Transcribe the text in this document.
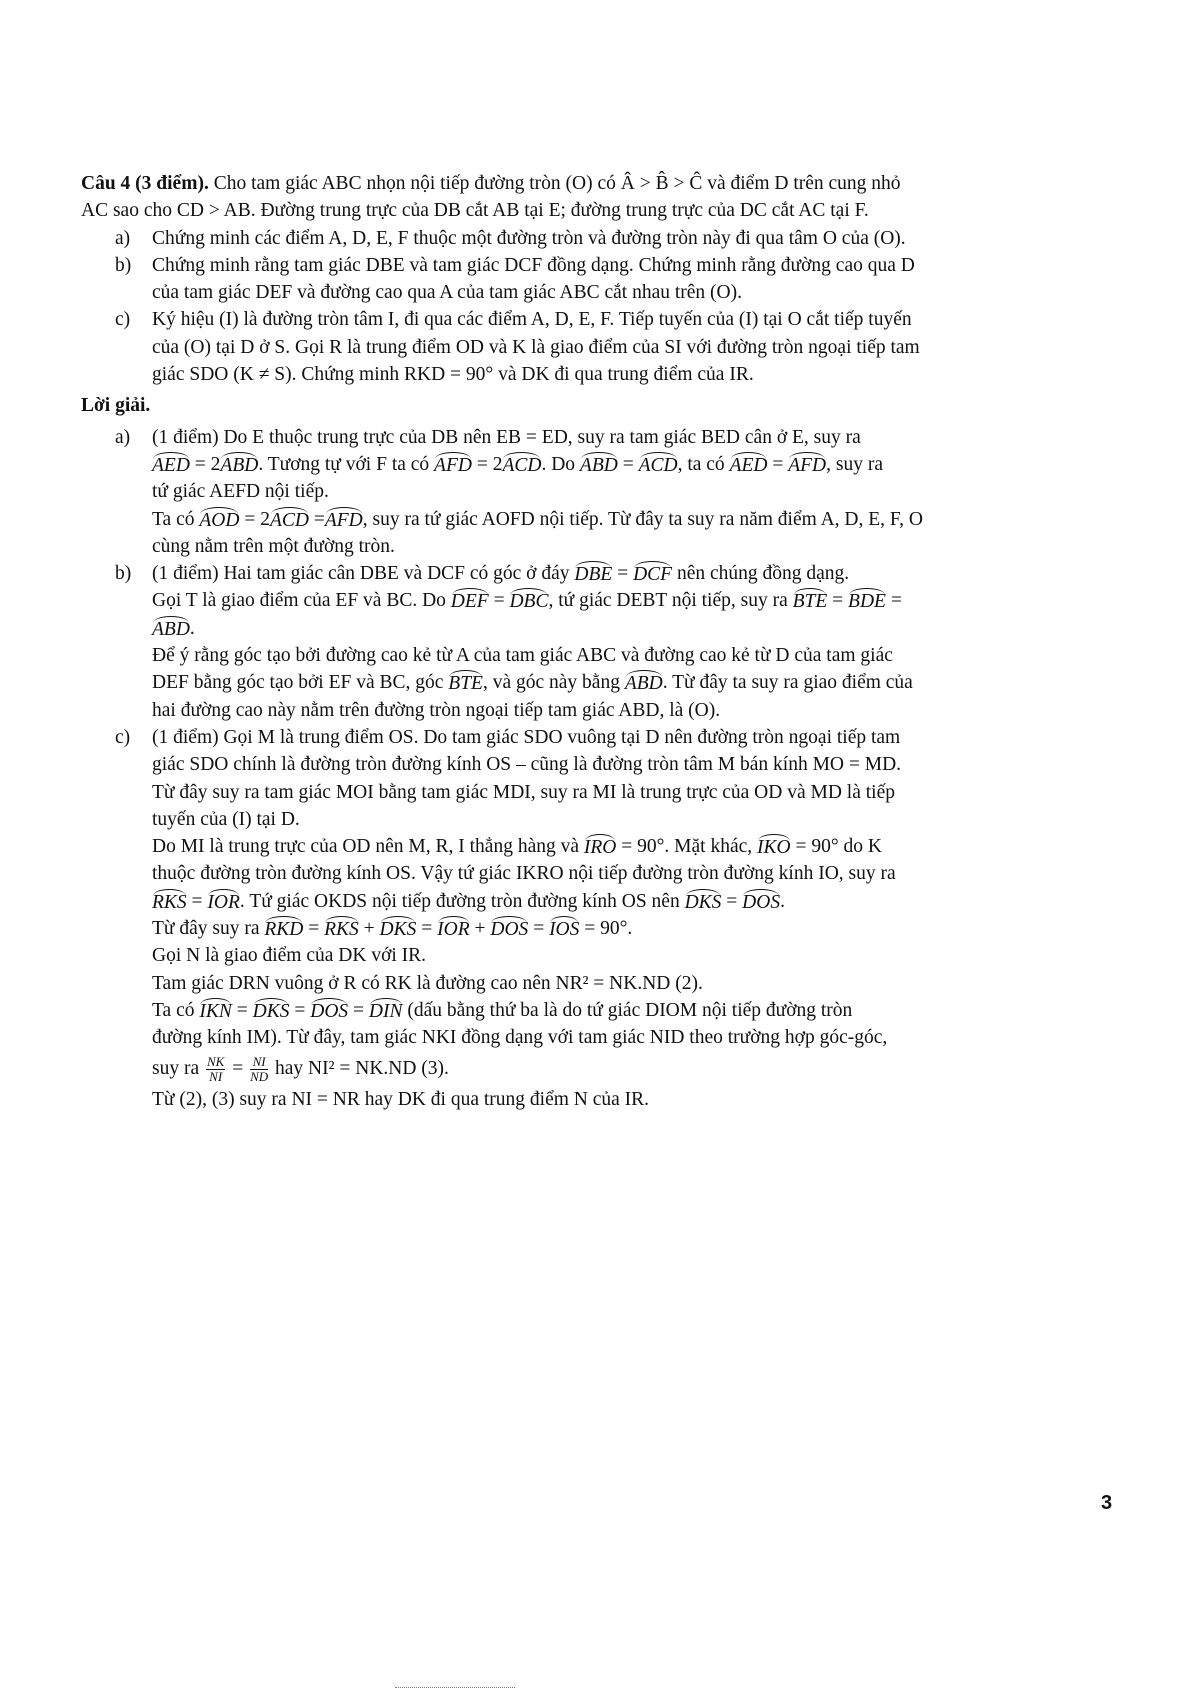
Câu 4 (3 điểm). Cho tam giác ABC nhọn nội tiếp đường tròn (O) có Â > B̂ > Ĉ và điểm D trên cung nhỏ

AC sao cho CD > AB. Đường trung trực của DB cắt AB tại E; đường trung trực của DC cắt AC tại F.

a)	Chứng minh các điểm A, D, E, F thuộc một đường tròn và đường tròn này đi qua tâm O của (O).

b)	Chứng minh rằng tam giác DBE và tam giác DCF đồng dạng. Chứng minh rằng đường cao qua D

của tam giác DEF và đường cao qua A của tam giác ABC cắt nhau trên (O).

c)	Ký hiệu (I) là đường tròn tâm I, đi qua các điểm A, D, E, F. Tiếp tuyến của (I) tại O cắt tiếp tuyến

của (O) tại D ở S. Gọi R là trung điểm OD và K là giao điểm của SI với đường tròn ngoại tiếp tam

giác SDO (K ≠ S). Chứng minh RKD = 90° và DK đi qua trung điểm của IR.

Lời giải.

a)	(1 điểm) Do E thuộc trung trực của DB nên EB = ED, suy ra tam giác BED cân ở E, suy ra

AED = 2ABD. Tương tự với F ta có AFD = 2ACD. Do ABD = ACD, ta có AED = AFD, suy ra

tứ giác AEFD nội tiếp.

Ta có AOD = 2ACD =AFD, suy ra tứ giác AOFD nội tiếp. Từ đây ta suy ra năm điểm A, D, E, F, O

cùng nằm trên một đường tròn.

b)	(1 điểm) Hai tam giác cân DBE và DCF có góc ở đáy DBE = DCF nên chúng đồng dạng.

Gọi T là giao điểm của EF và BC. Do DEF = DBC, tứ giác DEBT nội tiếp, suy ra BTE = BDE =

ABD.

Để ý rằng góc tạo bởi đường cao kẻ từ A của tam giác ABC và đường cao kẻ từ D của tam giác

DEF bằng góc tạo bởi EF và BC, góc BTE, và góc này bằng ABD. Từ đây ta suy ra giao điểm của

hai đường cao này nằm trên đường tròn ngoại tiếp tam giác ABD, là (O).

c)	(1 điểm) Gọi M là trung điểm OS. Do tam giác SDO vuông tại D nên đường tròn ngoại tiếp tam

giác SDO chính là đường tròn đường kính OS – cũng là đường tròn tâm M bán kính MO = MD.

Từ đây suy ra tam giác MOI bằng tam giác MDI, suy ra MI là trung trực của OD và MD là tiếp

tuyến của (I) tại D.

Do MI là trung trực của OD nên M, R, I thẳng hàng và IRO = 90°. Mặt khác, IKO = 90° do K

thuộc đường tròn đường kính OS. Vậy tứ giác IKRO nội tiếp đường tròn đường kính IO, suy ra

RKS = IOR. Tứ giác OKDS nội tiếp đường tròn đường kính OS nên DKS = DOS.

Từ đây suy ra RKD = RKS + DKS = IOR + DOS = IOS = 90°.

Gọi N là giao điểm của DK với IR.

Tam giác DRN vuông ở R có RK là đường cao nên NR² = NK.ND (2).

Ta có IKN = DKS = DOS = DIN (dấu bằng thứ ba là do tứ giác DIOM nội tiếp đường tròn

đường kính IM). Từ đây, tam giác NKI đồng dạng với tam giác NID theo trường hợp góc-góc,

suy ra $\frac{NK}{NI} = \frac{NI}{ND}$ hay NI² = NK.ND (3).

Từ (2), (3) suy ra NI = NR hay DK đi qua trung điểm N của IR.

3
